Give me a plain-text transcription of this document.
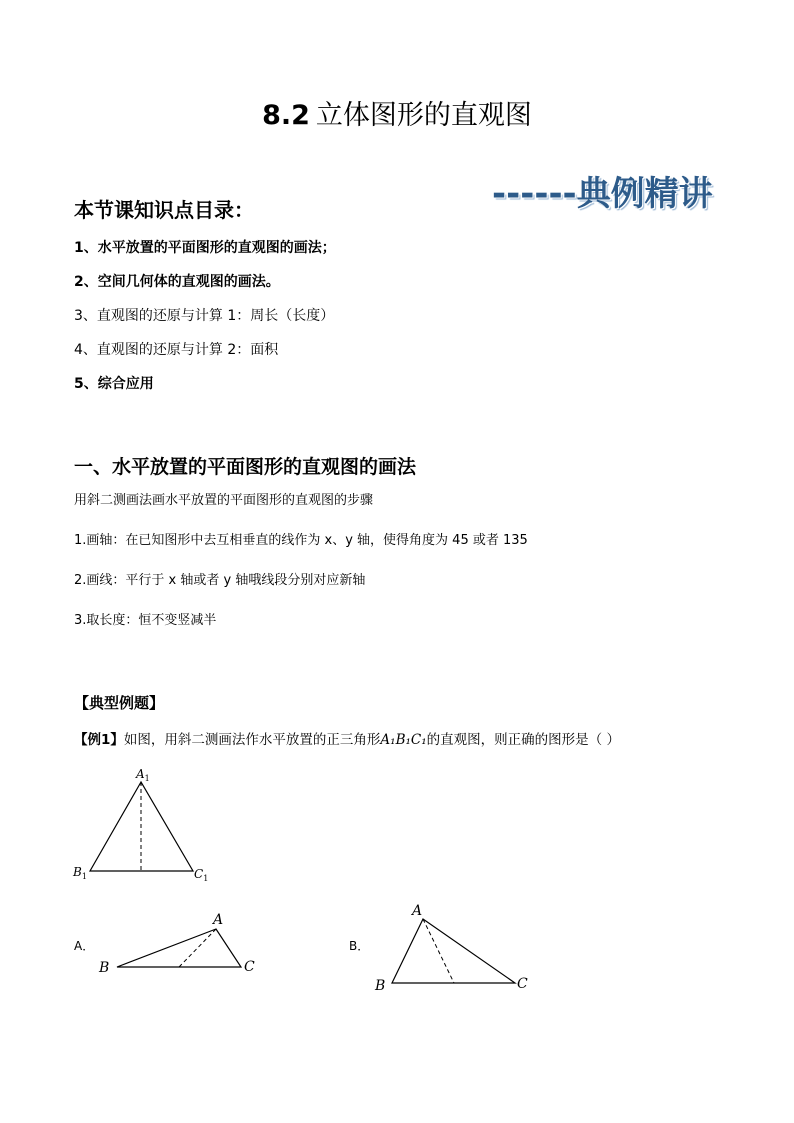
8.2 立体图形的直观图
------典例精讲
本节课知识点目录：
1、水平放置的平面图形的直观图的画法；
2、空间几何体的直观图的画法。
3、直观图的还原与计算 1：周长（长度）
4、直观图的还原与计算 2：面积
5、综合应用
一、水平放置的平面图形的直观图的画法
用斜二测画法画水平放置的平面图形的直观图的步骤
1.画轴：在已知图形中去互相垂直的线作为 x、y 轴，使得角度为 45 或者 135
2.画线：平行于 x 轴或者 y 轴哦线段分别对应新轴
3.取长度：恒不变竖减半
【典型例题】
【例1】如图，用斜二测画法作水平放置的正三角形A₁B₁C₁的直观图，则正确的图形是（ ）
$A_1$
$B_1$	$C_1$
A．
A
B	C
B．
A
B	C
